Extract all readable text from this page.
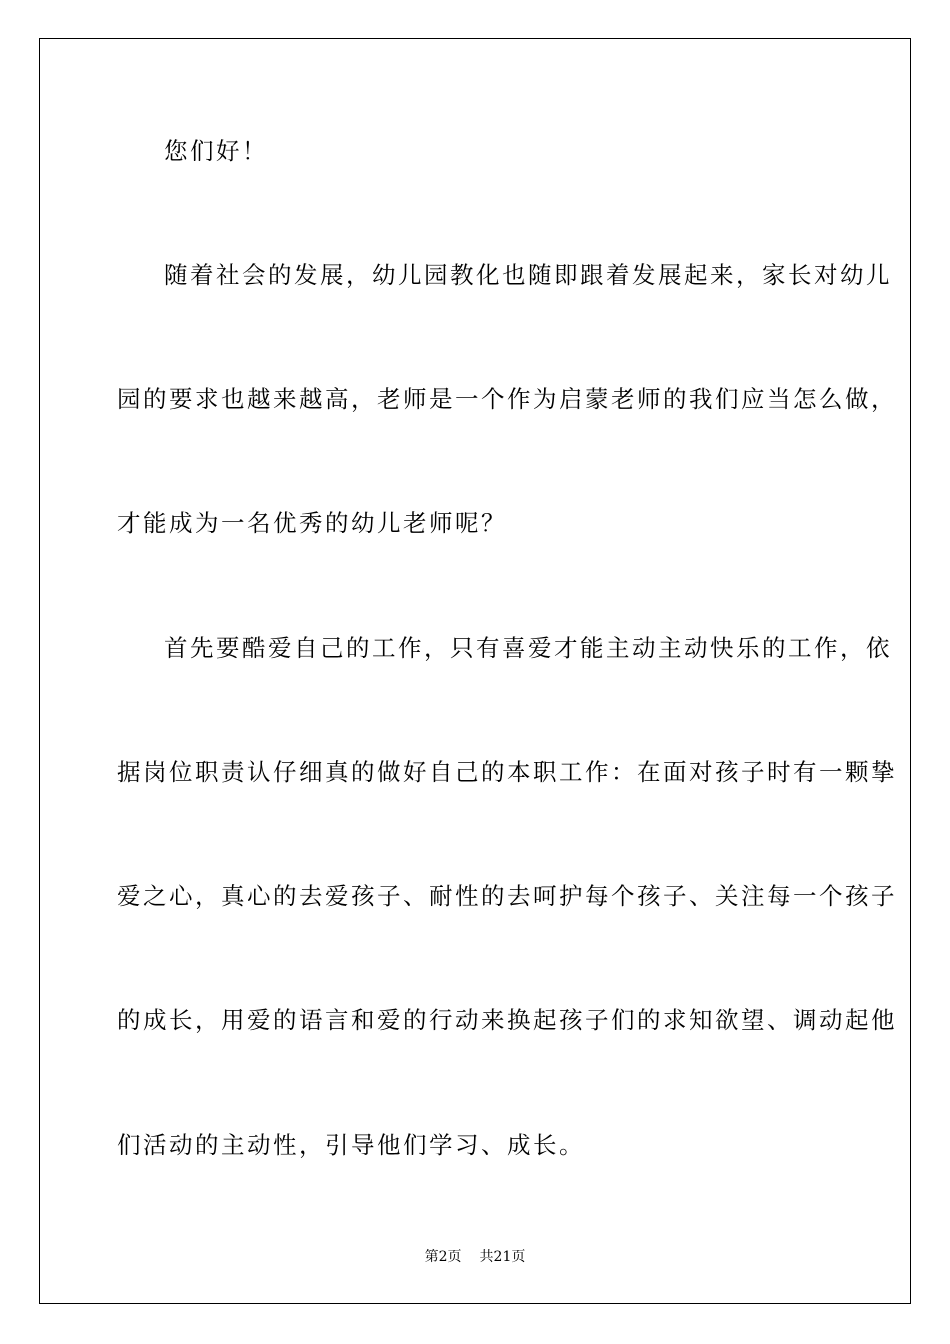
您们好！
随着社会的发展，幼儿园教化也随即跟着发展起来，家长对幼儿
园的要求也越来越高，老师是一个作为启蒙老师的我们应当怎么做，
才能成为一名优秀的幼儿老师呢？
首先要酷爱自己的工作，只有喜爱才能主动主动快乐的工作，依
据岗位职责认仔细真的做好自己的本职工作：在面对孩子时有一颗挚
爱之心，真心的去爱孩子、耐性的去呵护每个孩子、关注每一个孩子
的成长，用爱的语言和爱的行动来换起孩子们的求知欲望、调动起他
们活动的主动性，引导他们学习、成长。
第2页 共21页
